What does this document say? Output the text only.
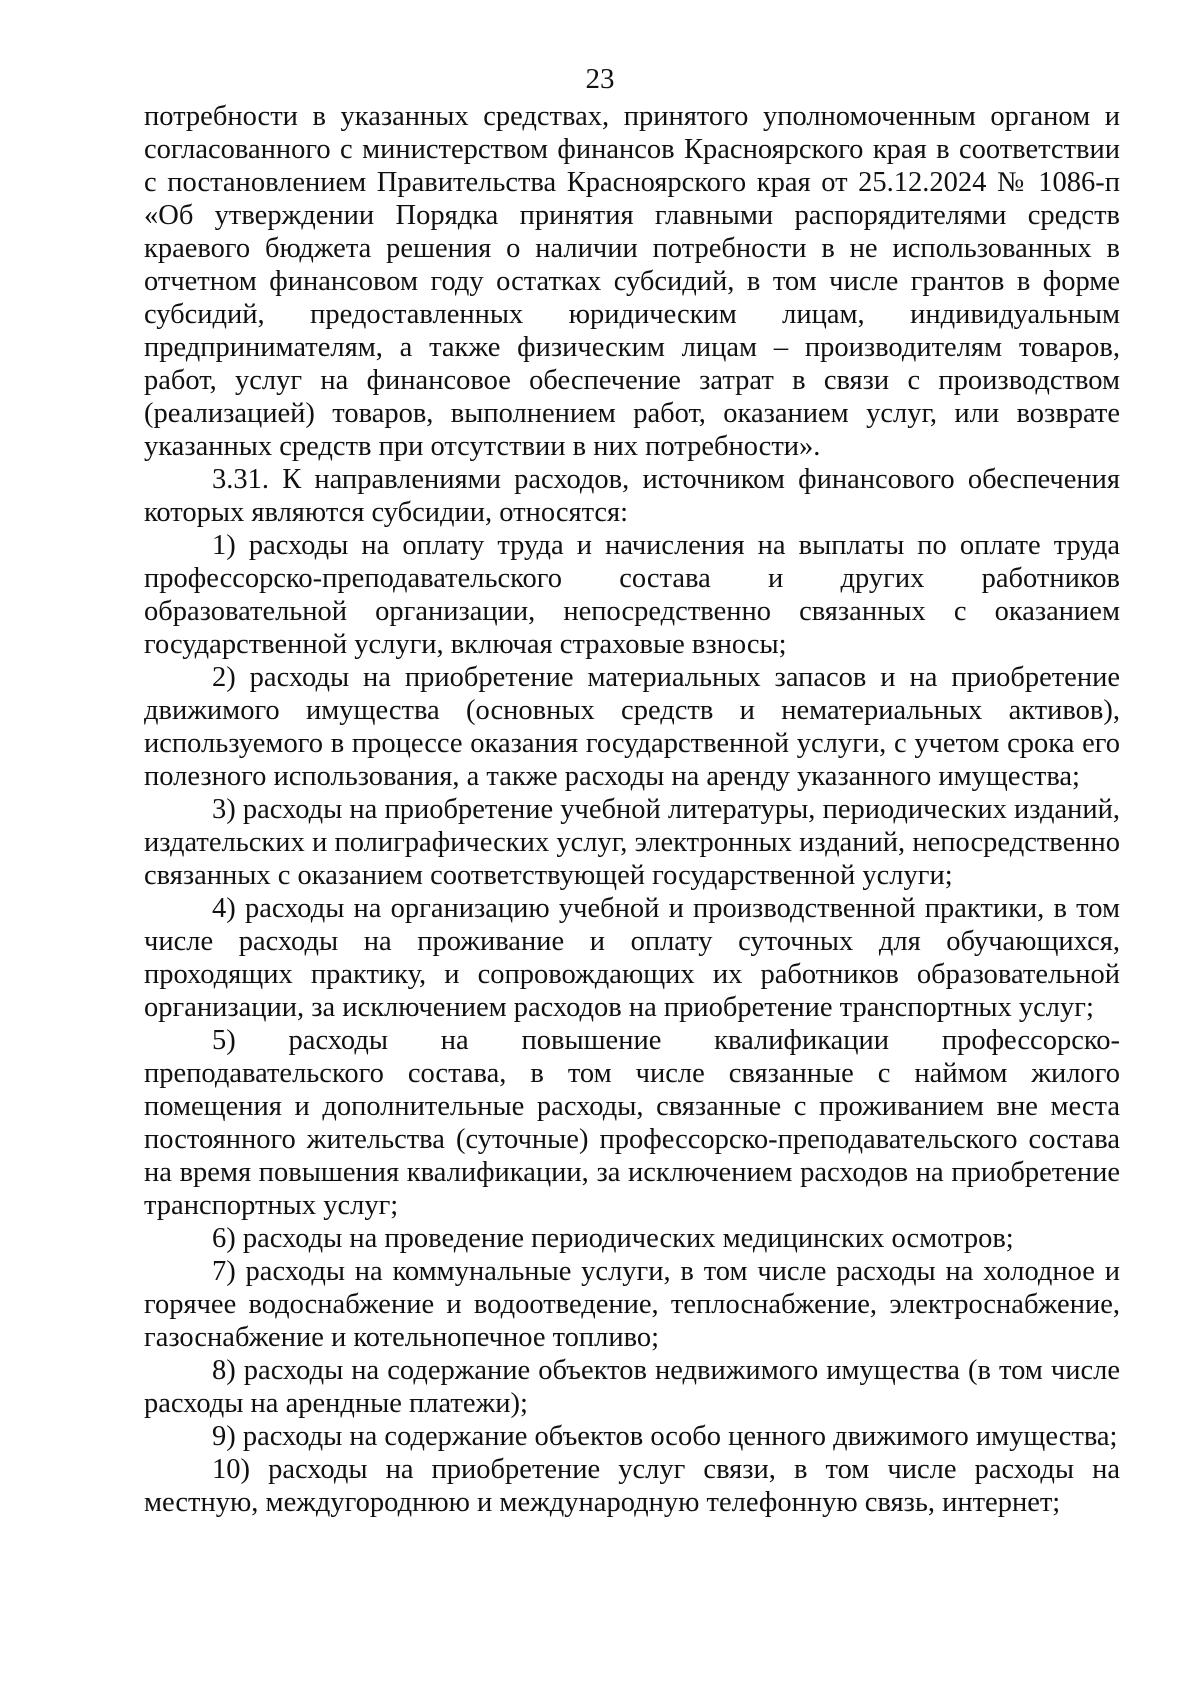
23

потребности в указанных средствах, принятого уполномоченным органом и согласованного с министерством финансов Красноярского края в соответствии с постановлением Правительства Красноярского края от 25.12.2024 № 1086-п «Об утверждении Порядка принятия главными распорядителями средств краевого бюджета решения о наличии потребности в не использованных в отчетном финансовом году остатках субсидий, в том числе грантов в форме субсидий, предоставленных юридическим лицам, индивидуальным предпринимателям, а также физическим лицам – производителям товаров, работ, услуг на финансовое обеспечение затрат в связи с производством (реализацией) товаров, выполнением работ, оказанием услуг, или возврате указанных средств при отсутствии в них потребности».

3.31. К направлениями расходов, источником финансового обеспечения которых являются субсидии, относятся:

1) расходы на оплату труда и начисления на выплаты по оплате труда профессорско-преподавательского состава и других работников образовательной организации, непосредственно связанных с оказанием государственной услуги, включая страховые взносы;

2) расходы на приобретение материальных запасов и на приобретение движимого имущества (основных средств и нематериальных активов), используемого в процессе оказания государственной услуги, с учетом срока его полезного использования, а также расходы на аренду указанного имущества;

3) расходы на приобретение учебной литературы, периодических изданий, издательских и полиграфических услуг, электронных изданий, непосредственно связанных с оказанием соответствующей государственной услуги;

4) расходы на организацию учебной и производственной практики, в том числе расходы на проживание и оплату суточных для обучающихся, проходящих практику, и сопровождающих их работников образовательной организации, за исключением расходов на приобретение транспортных услуг;

5) расходы на повышение квалификации профессорско-преподавательского состава, в том числе связанные с наймом жилого помещения и дополнительные расходы, связанные с проживанием вне места постоянного жительства (суточные) профессорско-преподавательского состава на время повышения квалификации, за исключением расходов на приобретение транспортных услуг;

6) расходы на проведение периодических медицинских осмотров;

7) расходы на коммунальные услуги, в том числе расходы на холодное и горячее водоснабжение и водоотведение, теплоснабжение, электроснабжение, газоснабжение и котельнопечное топливо;

8) расходы на содержание объектов недвижимого имущества (в том числе расходы на арендные платежи);

9) расходы на содержание объектов особо ценного движимого имущества;

10) расходы на приобретение услуг связи, в том числе расходы на местную, междугороднюю и международную телефонную связь, интернет;
